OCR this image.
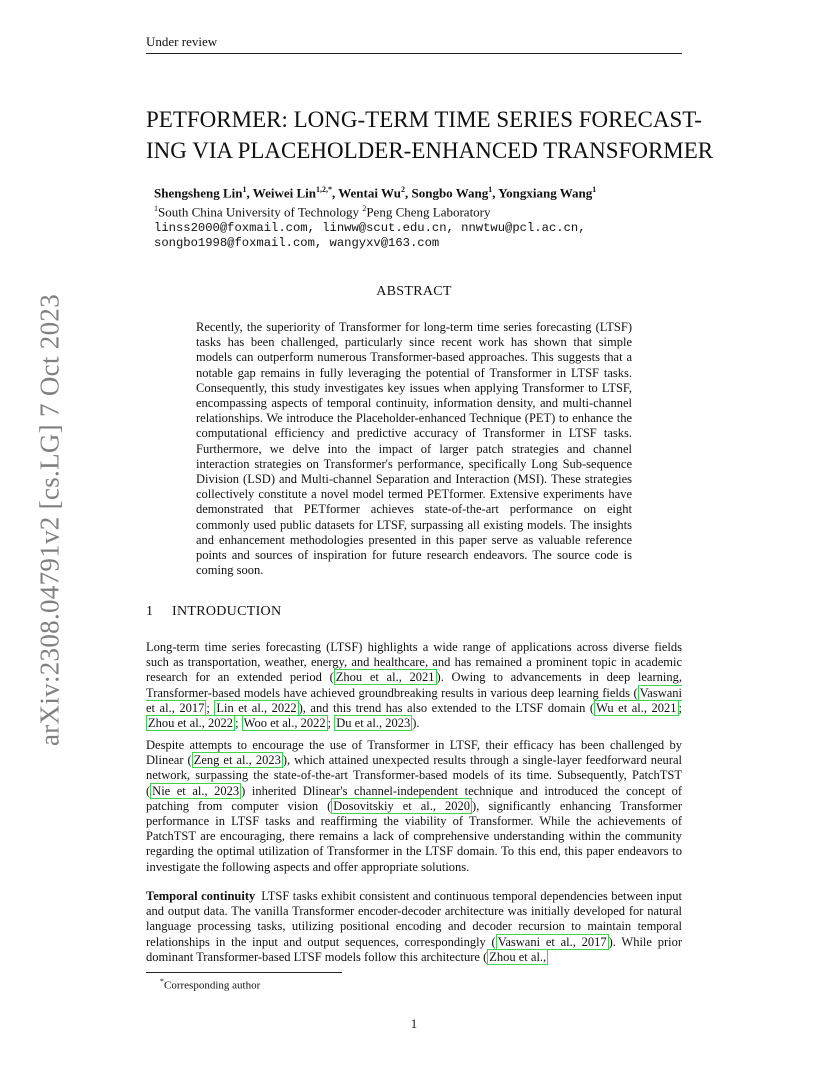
Under review
arXiv:2308.04791v2 [cs.LG] 7 Oct 2023
PETFORMER: LONG-TERM TIME SERIES FORECAST-
ING VIA PLACEHOLDER-ENHANCED TRANSFORMER
Shengsheng Lin$^1$, Weiwei Lin$^{1,2,*}$, Wentai Wu$^2$, Songbo Wang$^1$, Yongxiang Wang$^1$
$^1$South China University of Technology $^2$Peng Cheng Laboratory
linss2000@foxmail.com, linww@scut.edu.cn, nnwtwu@pcl.ac.cn,
songbo1998@foxmail.com, wangyxv@163.com
ABSTRACT
Recently, the superiority of Transformer for long-term time series forecasting (LTSF) tasks has been challenged, particularly since recent work has shown that simple models can outperform numerous Transformer-based approaches. This suggests that a notable gap remains in fully leveraging the potential of Transformer in LTSF tasks. Consequently, this study investigates key issues when applying Transformer to LTSF, encompassing aspects of temporal continuity, information density, and multi-channel relationships. We introduce the Placeholder-enhanced Technique (PET) to enhance the computational efficiency and predictive accuracy of Transformer in LTSF tasks. Furthermore, we delve into the impact of larger patch strategies and channel interaction strategies on Transformer's performance, specifically Long Sub-sequence Division (LSD) and Multi-channel Separation and Interaction (MSI). These strategies collectively constitute a novel model termed PETformer. Extensive experiments have demonstrated that PETformer achieves state-of-the-art performance on eight commonly used public datasets for LTSF, surpassing all existing models. The insights and enhancement methodologies presented in this paper serve as valuable reference points and sources of inspiration for future research endeavors. The source code is coming soon.
1 INTRODUCTION
Long-term time series forecasting (LTSF) highlights a wide range of applications across diverse fields such as transportation, weather, energy, and healthcare, and has remained a prominent topic in academic research for an extended period ( Zhou et al., 2021 ). Owing to advancements in deep learning, Transformer-based models have achieved groundbreaking results in various deep learning fields ( Vaswani et al., 2017 ; Lin et al., 2022 ), and this trend has also extended to the LTSF domain ( Wu et al., 2021 ; Zhou et al., 2022 ; Woo et al., 2022 ; Du et al., 2023 ).
Despite attempts to encourage the use of Transformer in LTSF, their efficacy has been challenged by Dlinear ( Zeng et al., 2023 ), which attained unexpected results through a single-layer feedforward neural network, surpassing the state-of-the-art Transformer-based models of its time. Subsequently, PatchTST ( Nie et al., 2023 ) inherited Dlinear's channel-independent technique and introduced the concept of patching from computer vision ( Dosovitskiy et al., 2020 ), significantly enhancing Transformer performance in LTSF tasks and reaffirming the viability of Transformer. While the achievements of PatchTST are encouraging, there remains a lack of comprehensive understanding within the community regarding the optimal utilization of Transformer in the LTSF domain. To this end, this paper endeavors to investigate the following aspects and offer appropriate solutions.
Temporal continuity LTSF tasks exhibit consistent and continuous temporal dependencies between input and output data. The vanilla Transformer encoder-decoder architecture was initially developed for natural language processing tasks, utilizing positional encoding and decoder recursion to maintain temporal relationships in the input and output sequences, correspondingly ( Vaswani et al., 2017 ). While prior dominant Transformer-based LTSF models follow this architecture ( Zhou et al.,
*Corresponding author
1
